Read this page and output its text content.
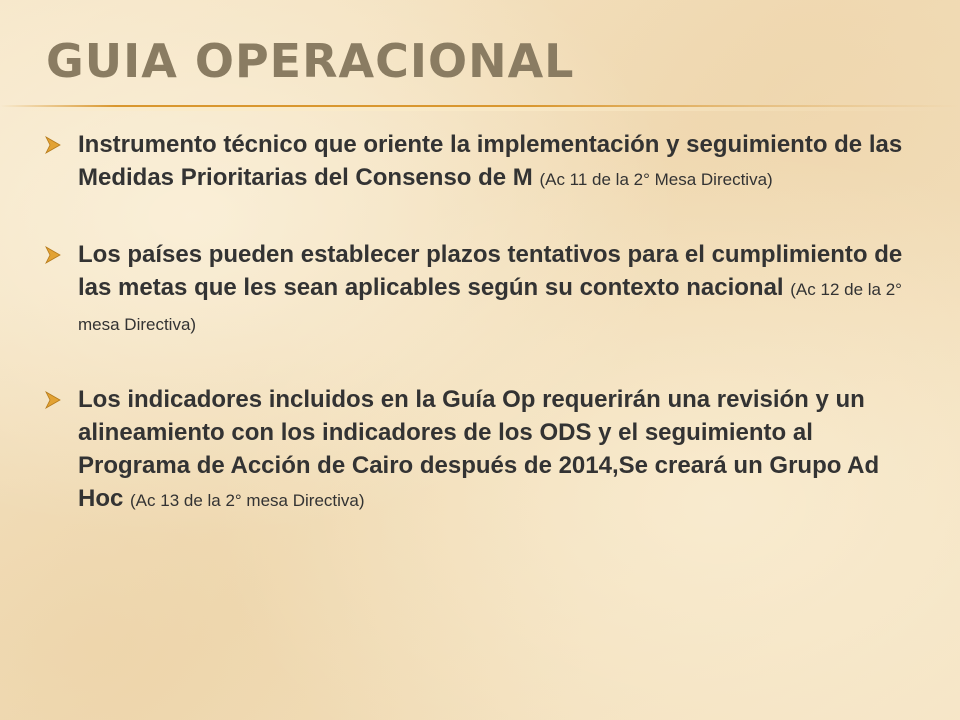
GUIA OPERACIONAL
Instrumento técnico que oriente la implementación y seguimiento de las Medidas Prioritarias del Consenso de M (Ac 11 de la 2° Mesa Directiva)
Los países pueden establecer plazos tentativos para el cumplimiento de las metas que les sean aplicables según su contexto nacional (Ac 12 de la 2° mesa Directiva)
Los indicadores incluidos en la Guía Op requerirán una revisión y un alineamiento con los indicadores de los ODS y el seguimiento al Programa de Acción de Cairo después de 2014,Se creará un Grupo Ad Hoc (Ac 13 de la 2° mesa Directiva)
